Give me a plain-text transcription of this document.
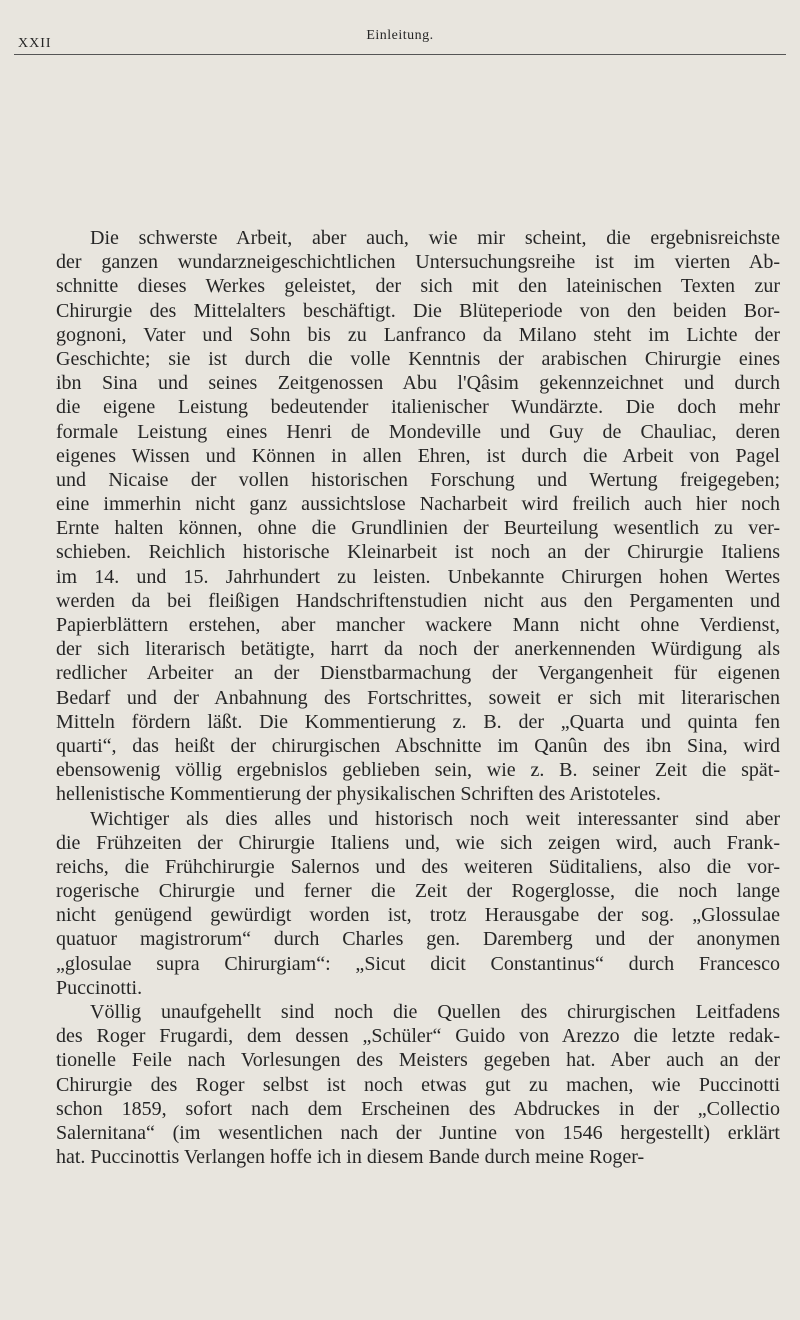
XXII
Einleitung.
Die schwerste Arbeit, aber auch, wie mir scheint, die ergebnisreichste
der ganzen wundarzneigeschichtlichen Untersuchungsreihe ist im vierten Ab-
schnitte dieses Werkes geleistet, der sich mit den lateinischen Texten zur
Chirurgie des Mittelalters beschäftigt. Die Blüteperiode von den beiden Bor-
gognoni, Vater und Sohn bis zu Lanfranco da Milano steht im Lichte der
Geschichte; sie ist durch die volle Kenntnis der arabischen Chirurgie eines
ibn Sina und seines Zeitgenossen Abu l'Qâsim gekennzeichnet und durch
die eigene Leistung bedeutender italienischer Wundärzte. Die doch mehr
formale Leistung eines Henri de Mondeville und Guy de Chauliac, deren
eigenes Wissen und Können in allen Ehren, ist durch die Arbeit von Pagel
und Nicaise der vollen historischen Forschung und Wertung freigegeben;
eine immerhin nicht ganz aussichtslose Nacharbeit wird freilich auch hier noch
Ernte halten können, ohne die Grundlinien der Beurteilung wesentlich zu ver-
schieben. Reichlich historische Kleinarbeit ist noch an der Chirurgie Italiens
im 14. und 15. Jahrhundert zu leisten. Unbekannte Chirurgen hohen Wertes
werden da bei fleißigen Handschriftenstudien nicht aus den Pergamenten und
Papierblättern erstehen, aber mancher wackere Mann nicht ohne Verdienst,
der sich literarisch betätigte, harrt da noch der anerkennenden Würdigung als
redlicher Arbeiter an der Dienstbarmachung der Vergangenheit für eigenen
Bedarf und der Anbahnung des Fortschrittes, soweit er sich mit literarischen
Mitteln fördern läßt. Die Kommentierung z. B. der „Quarta und quinta fen
quarti“, das heißt der chirurgischen Abschnitte im Qanûn des ibn Sina, wird
ebensowenig völlig ergebnislos geblieben sein, wie z. B. seiner Zeit die spät-
hellenistische Kommentierung der physikalischen Schriften des Aristoteles.
Wichtiger als dies alles und historisch noch weit interessanter sind aber
die Frühzeiten der Chirurgie Italiens und, wie sich zeigen wird, auch Frank-
reichs, die Frühchirurgie Salernos und des weiteren Süditaliens, also die vor-
rogerische Chirurgie und ferner die Zeit der Rogerglosse, die noch lange
nicht genügend gewürdigt worden ist, trotz Herausgabe der sog. „Glossulae
quatuor magistrorum“ durch Charles gen. Daremberg und der anonymen
„glosulae supra Chirurgiam“: „Sicut dicit Constantinus“ durch Francesco
Puccinotti.
Völlig unaufgehellt sind noch die Quellen des chirurgischen Leitfadens
des Roger Frugardi, dem dessen „Schüler“ Guido von Arezzo die letzte redak-
tionelle Feile nach Vorlesungen des Meisters gegeben hat. Aber auch an der
Chirurgie des Roger selbst ist noch etwas gut zu machen, wie Puccinotti
schon 1859, sofort nach dem Erscheinen des Abdruckes in der „Collectio
Salernitana“ (im wesentlichen nach der Juntine von 1546 hergestellt) erklärt
hat. Puccinottis Verlangen hoffe ich in diesem Bande durch meine Roger-
